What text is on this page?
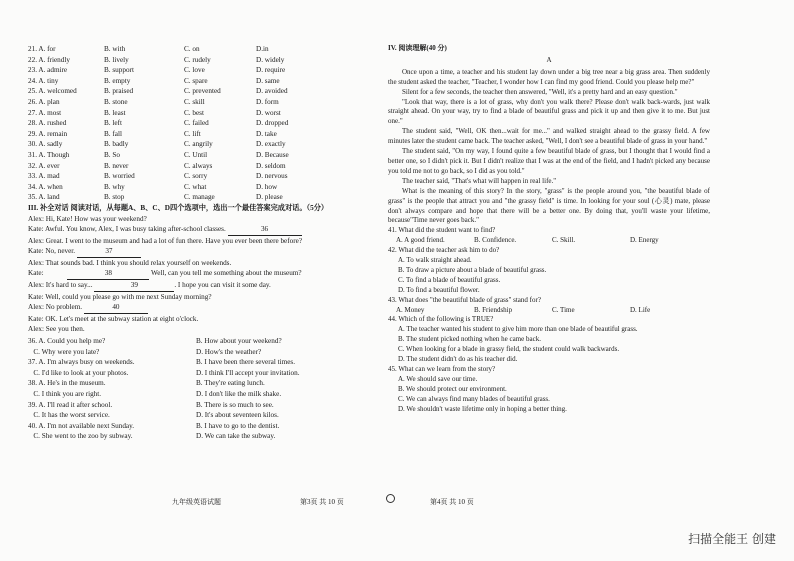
21. A. for	B. with	C. on	D.in
22. A. friendly	B. lively	C. rudely	D. widely
23. A. admire	B. support	C. love	D. require
24. A. tiny	B. empty	C. spare	D. same
25. A. welcomed	B. praised	C. prevented	D. avoided
26. A. plan	B. stone	C. skill	D. form
27. A. most	B. least	C. best	D. worst
28. A. rushed	B. left	C. failed	D. dropped
29. A. remain	B. fall	C. lift	D. take
30. A. sadly	B. badly	C. angrily	D. exactly
31. A. Though	B. So	C. Until	D. Because
32. A. ever	B. never	C. always	D. seldom
33. A. mad	B. worried	C. sorry	D. nervous
34. A. when	B. why	C. what	D. how
35. A. land	B. stop	C. manage	D. please
III. 补全对话 阅读对话，从每题A、B、C、D四个选项中，选出一个最佳答案完成对话。（5分）
Alex: Hi, Kate! How was your weekend?
Kate: Awful. You know, Alex, I was busy taking after-school classes.	36
Alex: Great. I went to the museum and had a lot of fun there. Have you ever been there before?
Kate: No, never.	37
Alex: That sounds bad. I think you should relax yourself on weekends.
Kate:	38	Well, can you tell me something about the museum?
Alex: It's hard to say...	39	. I hope you can visit it some day.
Kate: Well, could you please go with me next Sunday morning?
Alex: No problem.	40
Kate: OK. Let's meet at the subway station at eight o'clock.
Alex: See you then.
36. A. Could you help me?	B. How about your weekend?
C. Why were you late?	D. How's the weather?
37. A. I'm always busy on weekends.	B. I have been there several times.
C. I'd like to look at your photos.	D. I think I'll accept your invitation.
38. A. He's in the museum.	B. They're eating lunch.
C. I think you are right.	D. I don't like the milk shake.
39. A. I'll read it after school.	B. There is so much to see.
C. It has the worst service.	D. It's about seventeen kilos.
40. A. I'm not available next Sunday.	B. I have to go to the dentist.
C. She went to the zoo by subway.	D. We can take the subway.
IV. 阅读理解(40 分)
A

Once upon a time, a teacher and his student lay down under a big tree near a big grass area. Then suddenly the student asked the teacher, "Teacher, I wonder how I can find my good friend. Could you please help me?"

Silent for a few seconds, the teacher then answered, "Well, it's a pretty hard and an easy question."

"Look that way, there is a lot of grass, why don't you walk there? Please don't walk back-wards, just walk straight ahead. On your way, try to find a blade of beautiful grass and pick it up and then give it to me. But just one."

The student said, "Well, OK then...wait for me..." and walked straight ahead to the grassy field. A few minutes later the student came back. The teacher asked, "Well, I don't see a beautiful blade of grass in your hand."

The student said, "On my way, I found quite a few beautiful blade of grass, but I thought that I would find a better one, so I didn't pick it. But I didn't realize that I was at the end of the field, and I hadn't picked any because you told me not to go back, so I did as you told."

The teacher said, "That's what will happen in real life."

What is the meaning of this story? In the story, "grass" is the people around you, "the beautiful blade of grass" is the people that attract you and "the grassy field" is time. In looking for your soul (心灵) mate, please don't always compare and hope that there will be a better one. By doing that, you'll waste your lifetime, because"Time never goes back."

41. What did the student want to find?
A. A good friend.	B. Confidence.	C. Skill.	D. Energy
42. What did the teacher ask him to do?
A. To walk straight ahead.
B. To draw a picture about a blade of beautiful grass.
C. To find a blade of beautiful grass.
D. To find a beautiful flower.
43. What does "the beautiful blade of grass" stand for?
A. Money	B. Friendship	C. Time	D. Life
44. Which of the following is TRUE?
A. The teacher wanted his student to give him more than one blade of beautiful grass.
B. The student picked nothing when he came back.
C. When looking for a blade in grassy field, the student could walk backwards.
D. The student didn't do as his teacher did.
45. What can we learn from the story?
A. We should save our time.
B. We should protect our environment.
C. We can always find many blades of beautiful grass.
D. We shouldn't waste lifetime only in hoping a better thing.
九年级英语试题	第3页 共 10 页	第4页 共 10 页
扫描全能王 创建
